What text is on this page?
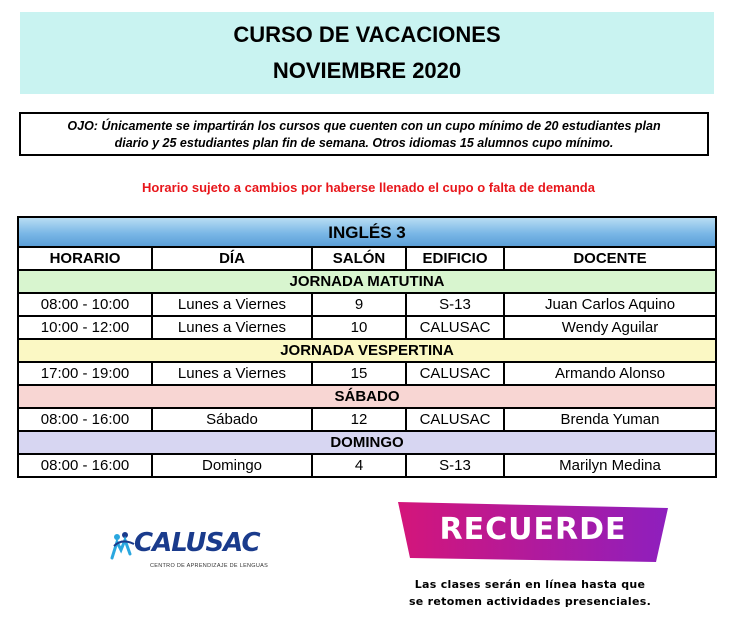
CURSO DE VACACIONES
NOVIEMBRE 2020
OJO: Únicamente se impartirán los cursos que cuenten con un cupo mínimo de 20 estudiantes plan
diario y 25 estudiantes plan fin de semana. Otros idiomas 15 alumnos cupo mínimo.
Horario sujeto a cambios por haberse llenado el cupo o falta de demanda
INGLÉS 3				
HORARIO	DÍA	SALÓN	EDIFICIO	DOCENTE
JORNADA MATUTINA				
08:00 - 10:00	Lunes a Viernes	9	S-13	Juan Carlos Aquino
10:00 - 12:00	Lunes a Viernes	10	CALUSAC	Wendy Aguilar
JORNADA VESPERTINA				
17:00 - 19:00	Lunes a Viernes	15	CALUSAC	Armando Alonso
SÁBADO				
08:00 - 16:00	Sábado	12	CALUSAC	Brenda Yuman
DOMINGO				
08:00 - 16:00	Domingo	4	S-13	Marilyn Medina
CALUSAC
CENTRO DE APRENDIZAJE DE LENGUAS
RECUERDE
Las clases serán en línea hasta que
se retomen actividades presenciales.
